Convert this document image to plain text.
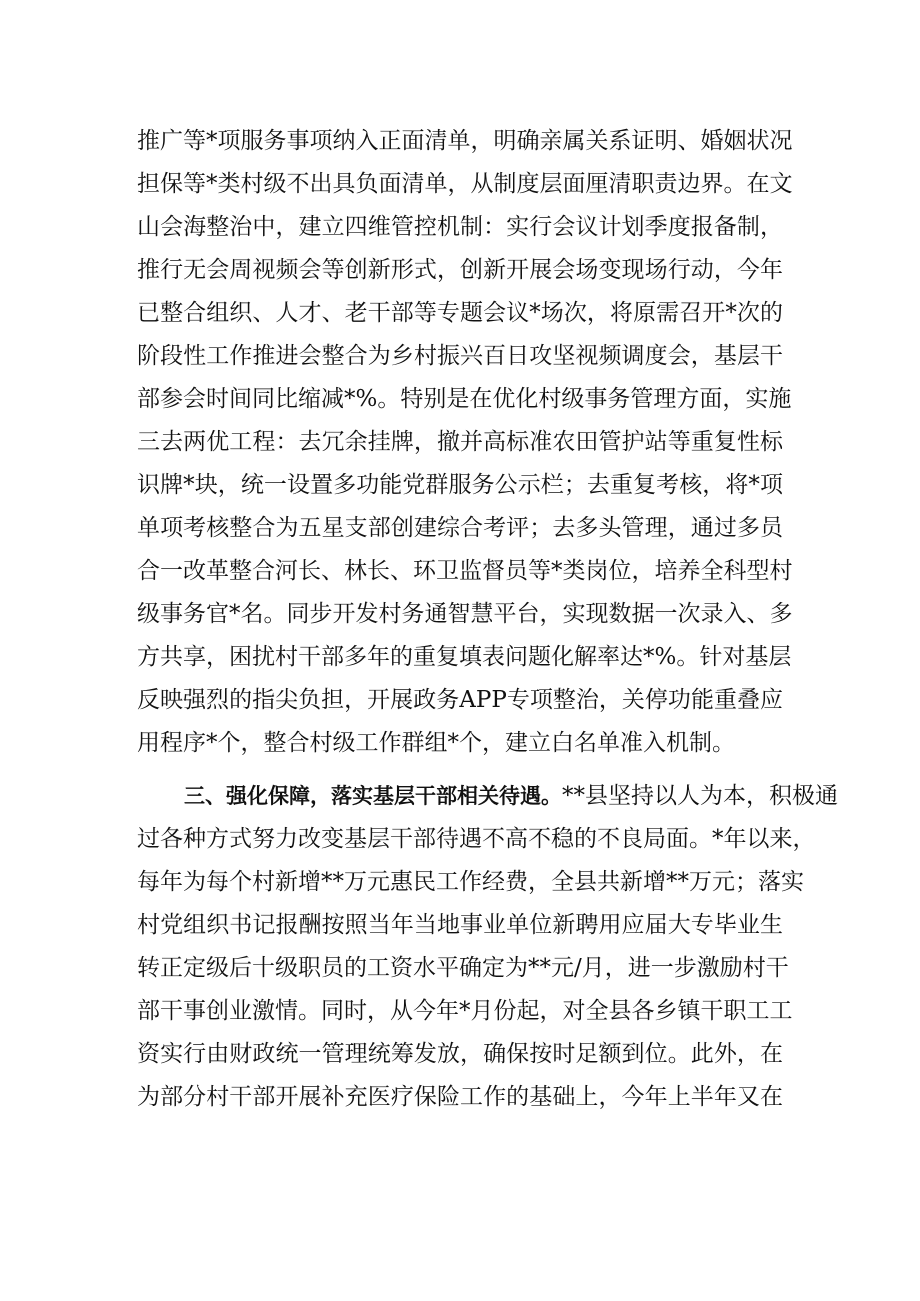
推广等*项服务事项纳入正面清单，明确亲属关系证明、婚姻状况

担保等*类村级不出具负面清单，从制度层面厘清职责边界。在文

山会海整治中，建立四维管控机制：实行会议计划季度报备制，

推行无会周视频会等创新形式，创新开展会场变现场行动，今年

已整合组织、人才、老干部等专题会议*场次，将原需召开*次的

阶段性工作推进会整合为乡村振兴百日攻坚视频调度会，基层干

部参会时间同比缩减*%。特别是在优化村级事务管理方面，实施

三去两优工程：去冗余挂牌，撤并高标准农田管护站等重复性标

识牌*块，统一设置多功能党群服务公示栏；去重复考核，将*项

单项考核整合为五星支部创建综合考评；去多头管理，通过多员

合一改革整合河长、林长、环卫监督员等*类岗位，培养全科型村

级事务官*名。同步开发村务通智慧平台，实现数据一次录入、多

方共享，困扰村干部多年的重复填表问题化解率达*%。针对基层

反映强烈的指尖负担，开展政务APP专项整治，关停功能重叠应

用程序*个，整合村级工作群组*个，建立白名单准入机制。

三、强化保障，落实基层干部相关待遇。**县坚持以人为本，积极通

过各种方式努力改变基层干部待遇不高不稳的不良局面。*年以来，

每年为每个村新增**万元惠民工作经费，全县共新增**万元；落实

村党组织书记报酬按照当年当地事业单位新聘用应届大专毕业生

转正定级后十级职员的工资水平确定为**元/月，进一步激励村干

部干事创业激情。同时，从今年*月份起，对全县各乡镇干职工工

资实行由财政统一管理统筹发放，确保按时足额到位。此外，在

为部分村干部开展补充医疗保险工作的基础上，今年上半年又在
